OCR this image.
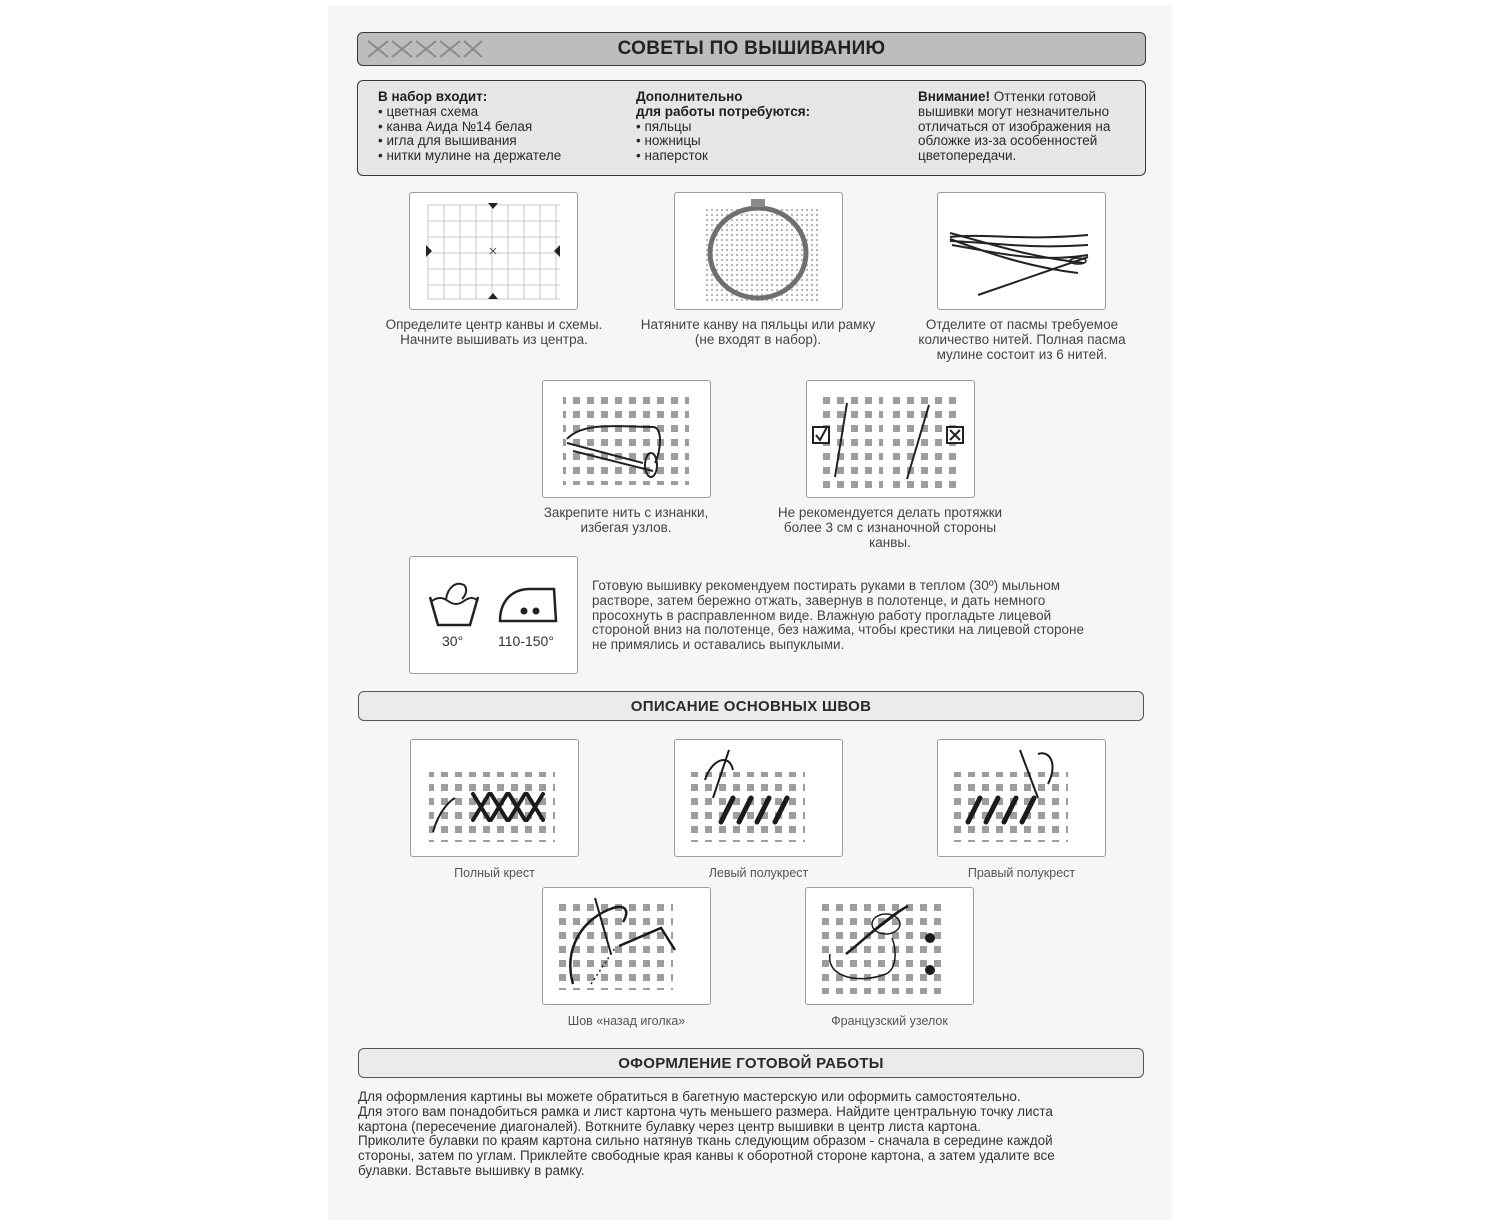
СОВЕТЫ ПО ВЫШИВАНИЮ
В набор входит:
• цветная схема
• канва Аида №14 белая
• игла для вышивания
• нитки мулине на держателе
Дополнительно
для работы потребуются:
• пяльцы
• ножницы
• наперсток
Внимание! Оттенки готовой
вышивки могут незначительно
отличаться от изображения на
обложке из-за особенностей
цветопередачи.
Определите центр канвы и схемы.
Начните вышивать из центра.
Натяните канву на пяльцы или рамку
(не входят в набор).
Отделите от пасмы требуемое
количество нитей. Полная пасма
мулине состоит из 6 нитей.
Закрепите нить с изнанки,
избегая узлов.
Не рекомендуется делать протяжки
более 3 см с изнаночной стороны
канвы.
30° 110-150°
Готовую вышивку рекомендуем постирать руками в теплом (30º) мыльном
растворе, затем бережно отжать, завернув в полотенце, и дать немного
просохнуть в расправленном виде. Влажную работу прогладьте лицевой
стороной вниз на полотенце, без нажима, чтобы крестики на лицевой стороне
не примялись и оставались выпуклыми.
ОПИСАНИЕ ОСНОВНЫХ ШВОВ
Полный крест	Левый полукрест	Правый полукрест
Шов «назад иголка»	Французский узелок
ОФОРМЛЕНИЕ ГОТОВОЙ РАБОТЫ
Для оформления картины вы можете обратиться в багетную мастерскую или оформить самостоятельно.
Для этого вам понадобиться рамка и лист картона чуть меньшего размера. Найдите центральную точку листа
картона (пересечение диагоналей). Воткните булавку через центр вышивки в центр листа картона.
Приколите булавки по краям картона сильно натянув ткань следующим образом - сначала в середине каждой
стороны, затем по углам. Приклейте свободные края канвы к оборотной стороне картона, а затем удалите все
булавки. Вставьте вышивку в рамку.
